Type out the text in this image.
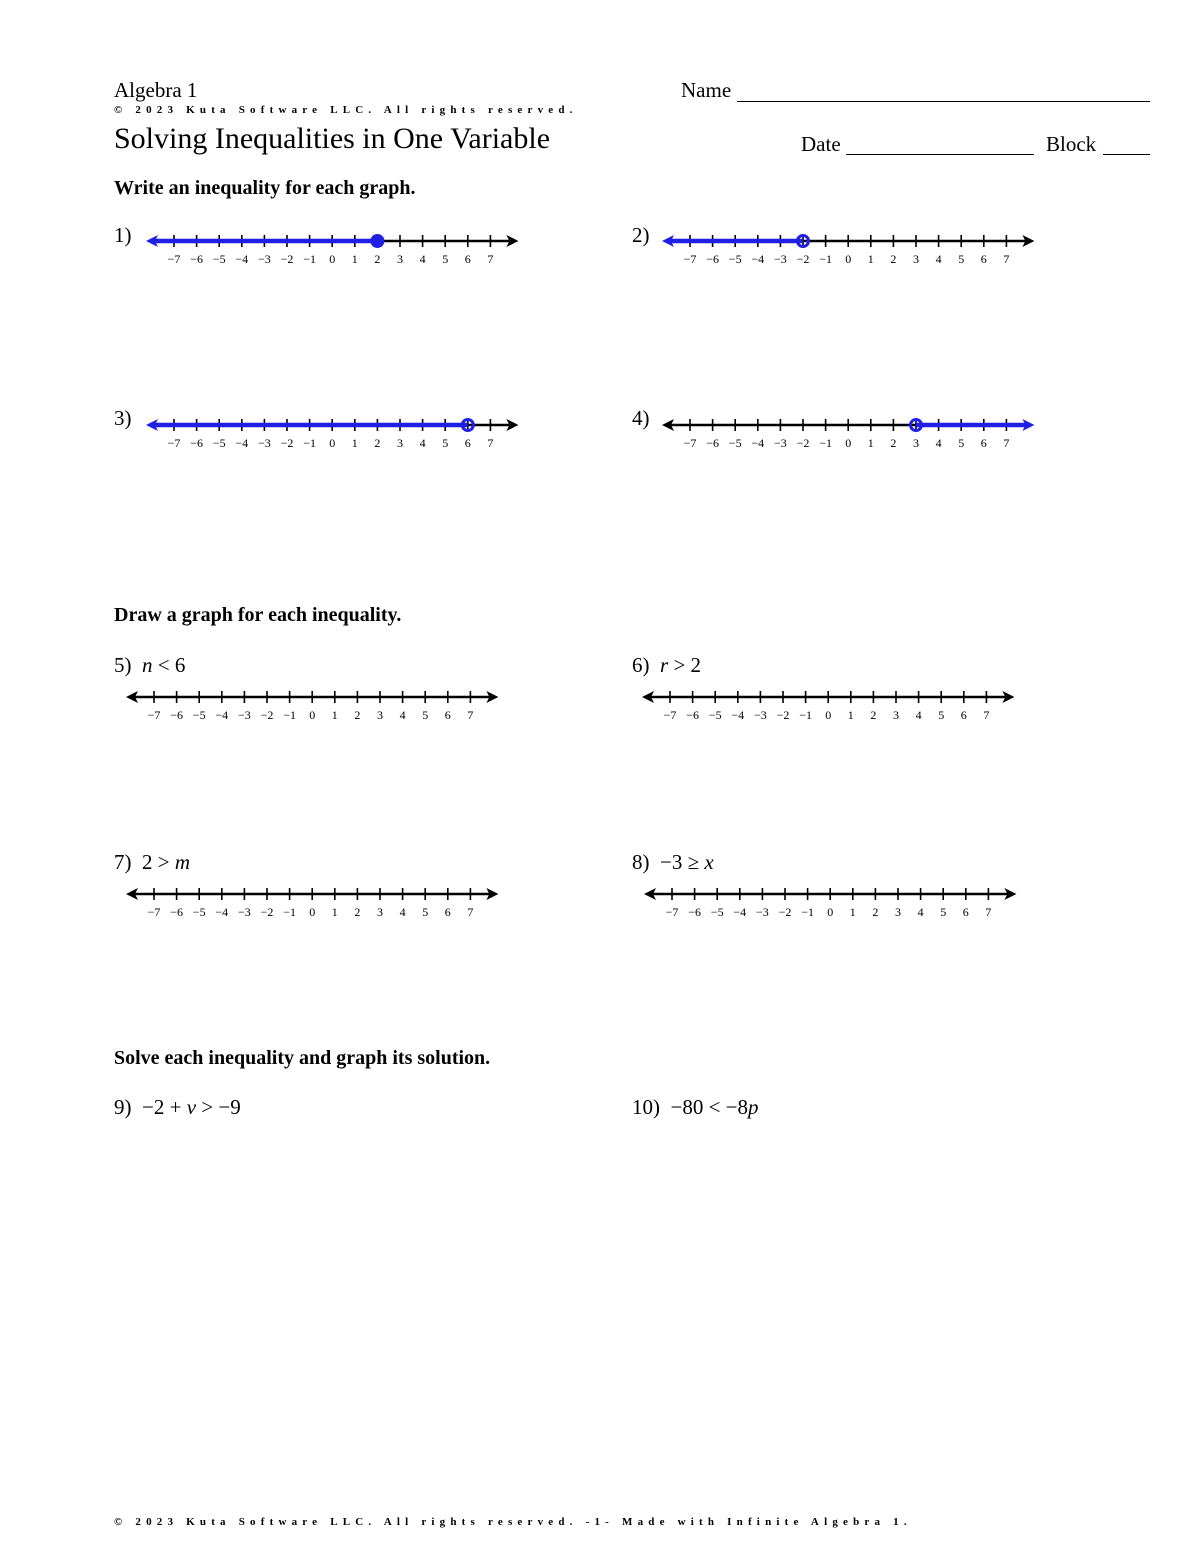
Algebra 1	Name
© 2023 Kuta Software LLC. All rights reserved.
Solving Inequalities in One Variable	Date	Block
Write an inequality for each graph.
1)
−7 −6 −5 −4 −3 −2 −1 0 1 2 3 4 5 6 7
2)
−7 −6 −5 −4 −3 −2 −1 0 1 2 3 4 5 6 7
3)
−7 −6 −5 −4 −3 −2 −1 0 1 2 3 4 5 6 7
4)
−7 −6 −5 −4 −3 −2 −1 0 1 2 3 4 5 6 7
Draw a graph for each inequality.
5) n < 6
−7 −6 −5 −4 −3 −2 −1 0 1 2 3 4 5 6 7
6) r > 2
−7 −6 −5 −4 −3 −2 −1 0 1 2 3 4 5 6 7
7) 2 > m
−7 −6 −5 −4 −3 −2 −1 0 1 2 3 4 5 6 7
8) −3 ≥ x
−7 −6 −5 −4 −3 −2 −1 0 1 2 3 4 5 6 7
Solve each inequality and graph its solution.
9) −2 + v > −9	10) −80 < −8p
© 2023 Kuta Software LLC. All rights reserved. -1- Made with Infinite Algebra 1.
